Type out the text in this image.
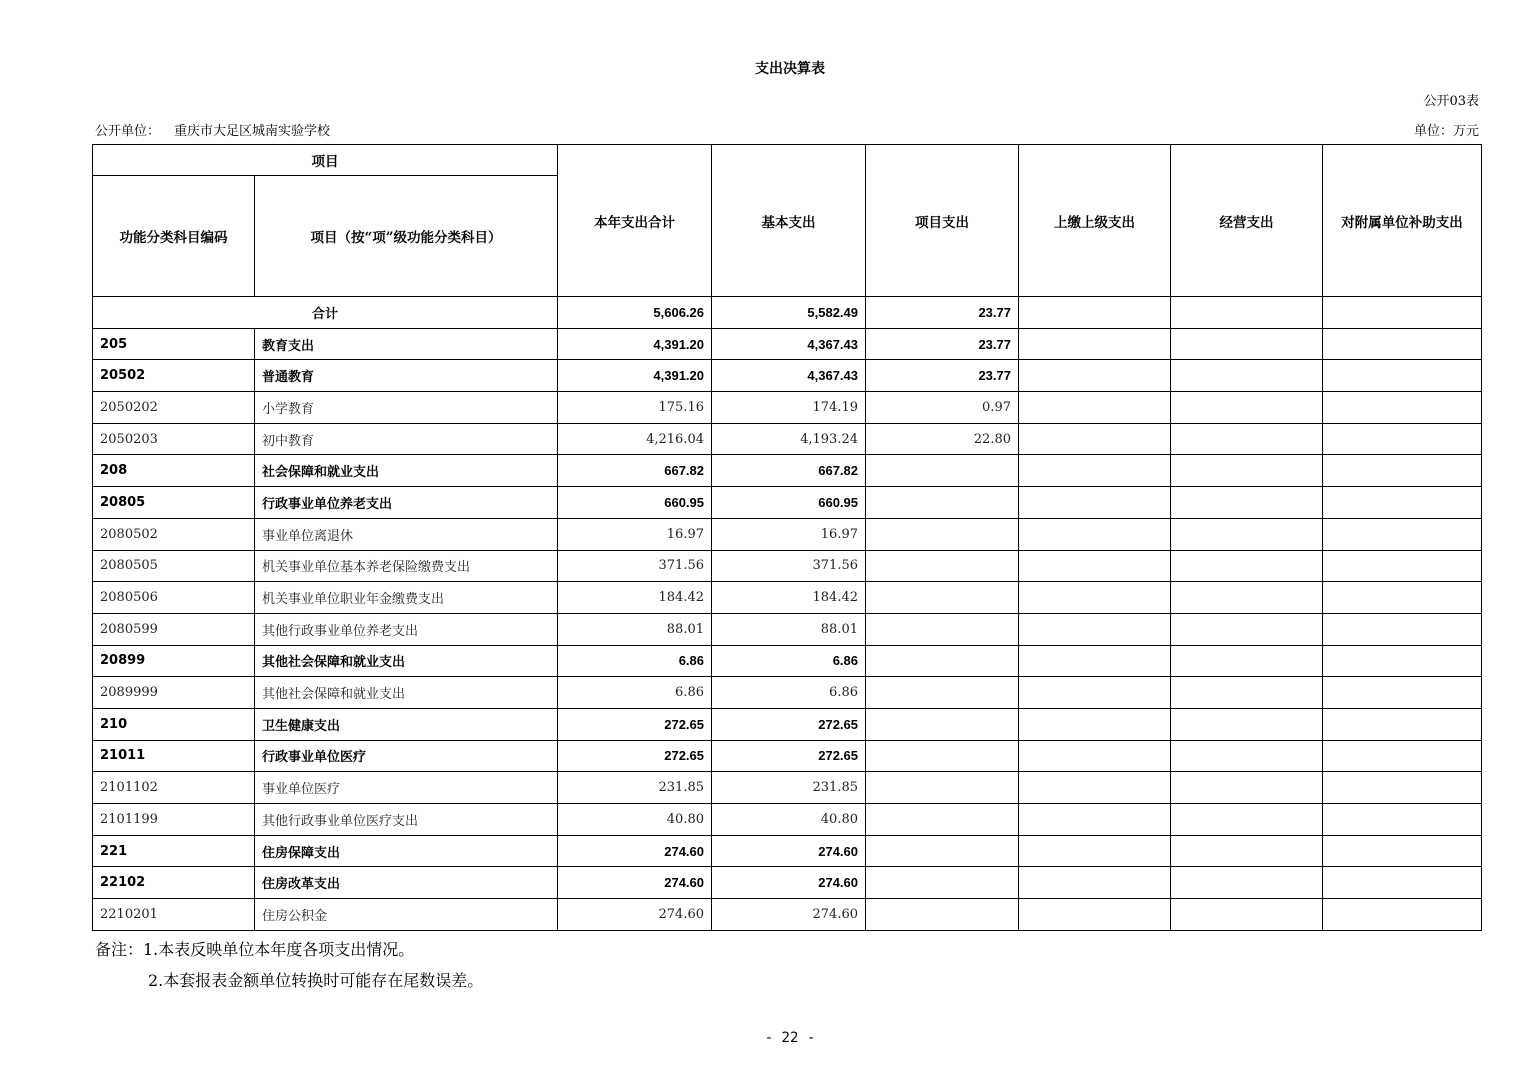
支出决算表
公开03表
公开单位： 重庆市大足区城南实验学校	单位：万元
项目		本年支出合计	基本支出	项目支出	上缴上级支出	经营支出	对附属单位补助支出
功能分类科目编码	项目（按“项”级功能分类科目）						
合计		5,606.26	5,582.49	23.77			
205	教育支出	4,391.20	4,367.43	23.77			
20502	普通教育	4,391.20	4,367.43	23.77			
2050202	小学教育	175.16	174.19	0.97			
2050203	初中教育	4,216.04	4,193.24	22.80			
208	社会保障和就业支出	667.82	667.82				
20805	行政事业单位养老支出	660.95	660.95				
2080502	事业单位离退休	16.97	16.97				
2080505	机关事业单位基本养老保险缴费支出	371.56	371.56				
2080506	机关事业单位职业年金缴费支出	184.42	184.42				
2080599	其他行政事业单位养老支出	88.01	88.01				
20899	其他社会保障和就业支出	6.86	6.86				
2089999	其他社会保障和就业支出	6.86	6.86				
210	卫生健康支出	272.65	272.65				
21011	行政事业单位医疗	272.65	272.65				
2101102	事业单位医疗	231.85	231.85				
2101199	其他行政事业单位医疗支出	40.80	40.80				
221	住房保障支出	274.60	274.60				
22102	住房改革支出	274.60	274.60				
2210201	住房公积金	274.60	274.60				
备注：1.本表反映单位本年度各项支出情况。
2.本套报表金额单位转换时可能存在尾数误差。
- 22 -
